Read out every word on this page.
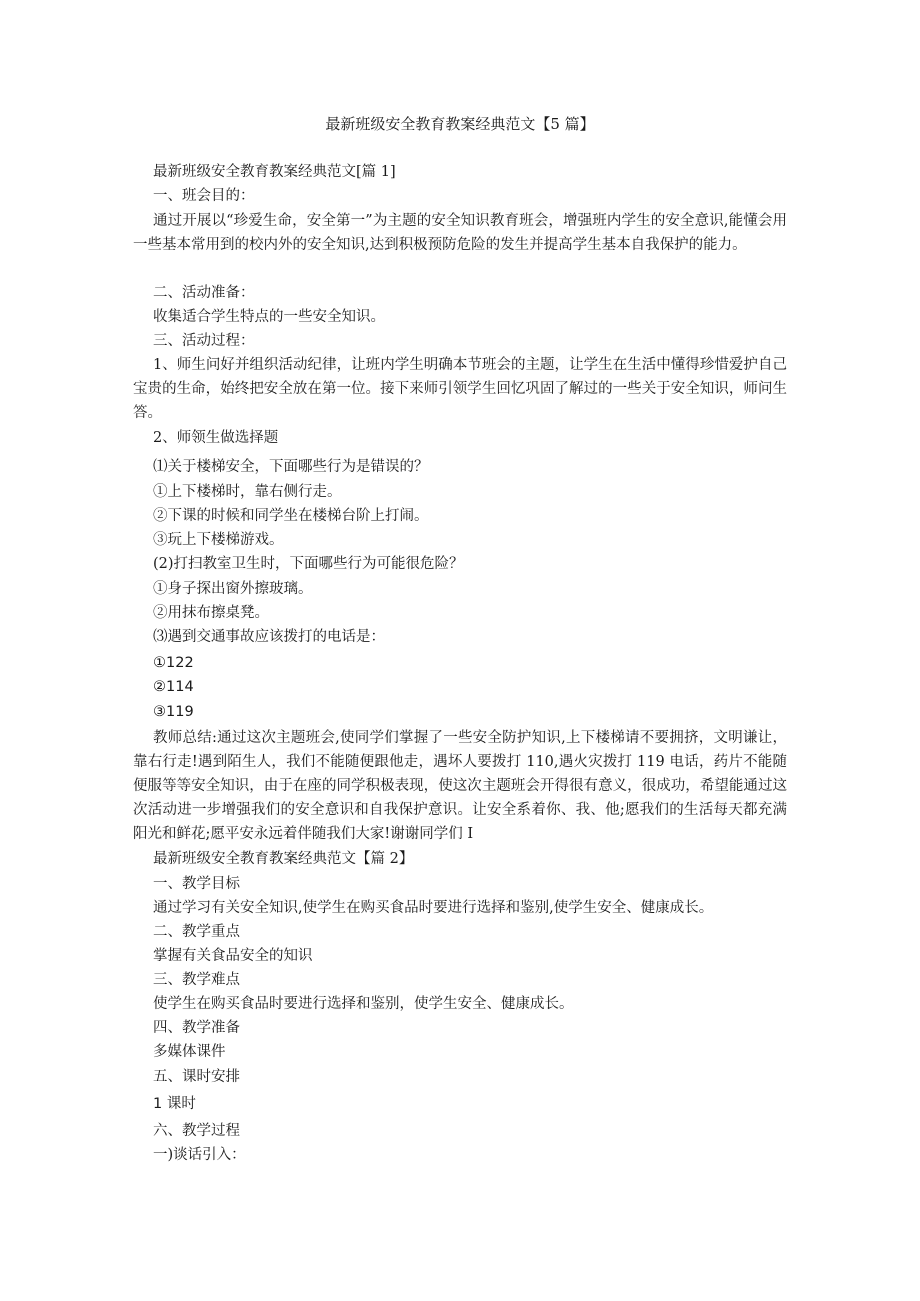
最新班级安全教育教案经典范文【5 篇】
最新班级安全教育教案经典范文[篇 1]
一、班会目的：
通过开展以“珍爱生命，安全第一”为主题的安全知识教育班会，增强班内学生的安全意识,能懂会用一些基本常用到的校内外的安全知识,达到积极预防危险的发生并提高学生基本自我保护的能力。
二、活动准备：
收集适合学生特点的一些安全知识。
三、活动过程：
1、师生问好并组织活动纪律，让班内学生明确本节班会的主题，让学生在生活中懂得珍惜爱护自己宝贵的生命，始终把安全放在第一位。接下来师引领学生回忆巩固了解过的一些关于安全知识，师问生答。
2、师领生做选择题
⑴关于楼梯安全，下面哪些行为是错误的？
①上下楼梯时，靠右侧行走。
②下课的时候和同学坐在楼梯台阶上打闹。
③玩上下楼梯游戏。
(2)打扫教室卫生时，下面哪些行为可能很危险？
①身子探出窗外擦玻璃。
②用抹布擦桌凳。
⑶遇到交通事故应该拨打的电话是：
①122
②114
③119
教师总结:通过这次主题班会,使同学们掌握了一些安全防护知识,上下楼梯请不要拥挤，文明谦让，靠右行走!遇到陌生人，我们不能随便跟他走，遇坏人要拨打 110,遇火灾拨打 119 电话，药片不能随便服等等安全知识，由于在座的同学积极表现，使这次主题班会开得很有意义，很成功，希望能通过这次活动进一步增强我们的安全意识和自我保护意识。让安全系着你、我、他;愿我们的生活每天都充满阳光和鲜花;愿平安永远着伴随我们大家!谢谢同学们 I
最新班级安全教育教案经典范文【篇 2】
一、教学目标
通过学习有关安全知识,使学生在购买食品时要进行选择和鉴别,使学生安全、健康成长。
二、教学重点
掌握有关食品安全的知识
三、教学难点
使学生在购买食品时要进行选择和鉴别，使学生安全、健康成长。
四、教学准备
多媒体课件
五、课时安排
1 课时
六、教学过程
一)谈话引入：
